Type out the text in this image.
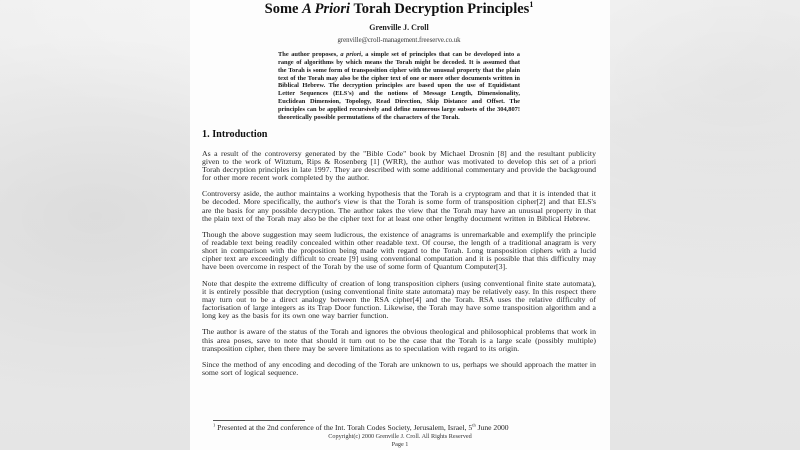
Some A Priori Torah Decryption Principles$^1$
Grenville J. Croll
grenville@croll-management.freeserve.co.uk

The author proposes, a priori, a simple set of principles that can be developed into a range of algorithms by which means the Torah might be decoded. It is assumed that the Torah is some form of transposition cipher with the unusual property that the plain text of the Torah may also be the cipher text of one or more other documents written in Biblical Hebrew. The decryption principles are based upon the use of Equidistant Letter Sequences (ELS's) and the notions of Message Length, Dimensionality, Euclidean Dimension, Topology, Read Direction, Skip Distance and Offset. The principles can be applied recursively and define numerous large subsets of the 304,807! theoretically possible permutations of the characters of the Torah.

1. Introduction

As a result of the controversy generated by the "Bible Code" book by Michael Drosnin [8] and the resultant publicity given to the work of Witztum, Rips & Rosenberg [1] (WRR), the author was motivated to develop this set of a priori Torah decryption principles in late 1997. They are described with some additional commentary and provide the background for other more recent work completed by the author.

Controversy aside, the author maintains a working hypothesis that the Torah is a cryptogram and that it is intended that it be decoded. More specifically, the author's view is that the Torah is some form of transposition cipher[2] and that ELS's are the basis for any possible decryption. The author takes the view that the Torah may have an unusual property in that the plain text of the Torah may also be the cipher text for at least one other lengthy document written in Biblical Hebrew.

Though the above suggestion may seem ludicrous, the existence of anagrams is unremarkable and exemplify the principle of readable text being readily concealed within other readable text. Of course, the length of a traditional anagram is very short in comparison with the proposition being made with regard to the Torah. Long transposition ciphers with a lucid cipher text are exceedingly difficult to create [9] using conventional computation and it is possible that this difficulty may have been overcome in respect of the Torah by the use of some form of Quantum Computer[3].

Note that despite the extreme difficulty of creation of long transposition ciphers (using conventional finite state automata), it is entirely possible that decryption (using conventional finite state automata) may be relatively easy. In this respect there may turn out to be a direct analogy between the RSA cipher[4] and the Torah. RSA uses the relative difficulty of factorisation of large integers as its Trap Door function. Likewise, the Torah may have some transposition algorithm and a long key as the basis for its own one way barrier function.

The author is aware of the status of the Torah and ignores the obvious theological and philosophical problems that work in this area poses, save to note that should it turn out to be the case that the Torah is a large scale (possibly multiple) transposition cipher, then there may be severe limitations as to speculation with regard to its origin.

Since the method of any encoding and decoding of the Torah are unknown to us, perhaps we should approach the matter in some sort of logical sequence.

$^1$ Presented at the 2nd conference of the Int. Torah Codes Society, Jerusalem, Israel, 5th June 2000
Copyright(c) 2000 Grenville J. Croll. All Rights Reserved
Page 1
